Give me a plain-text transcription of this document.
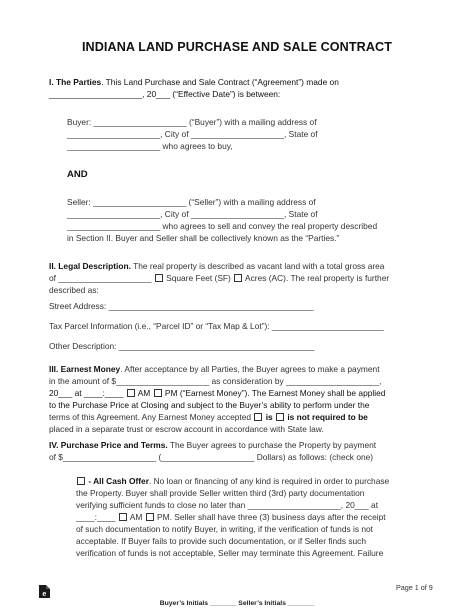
INDIANA LAND PURCHASE AND SALE CONTRACT
I. The Parties. This Land Purchase and Sale Contract (“Agreement”) made on
____________________, 20___ (“Effective Date”) is between:
Buyer: ____________________ (“Buyer”) with a mailing address of
____________________, City of ____________________, State of
____________________ who agrees to buy,
AND
Seller: ____________________ (“Seller”) with a mailing address of
____________________, City of ____________________, State of
____________________ who agrees to sell and convey the real property described
in Section II. Buyer and Seller shall be collectively known as the “Parties.”
II. Legal Description. The real property is described as vacant land with a total gross area
of ____________________  Square Feet (SF)  Acres (AC). The real property is further
described as:
Street Address: ____________________________________________
Tax Parcel Information (i.e., “Parcel ID” or “Tax Map & Lot”): ________________________
Other Description: __________________________________________
III. Earnest Money. After acceptance by all Parties, the Buyer agrees to make a payment
in the amount of $____________________ as consideration by ____________________,
20___ at ____:____  AM  PM (“Earnest Money”). The Earnest Money shall be applied
to the Purchase Price at Closing and subject to the Buyer’s ability to perform under the
terms of this Agreement. Any Earnest Money accepted  is  is not required to be
placed in a separate trust or escrow account in accordance with State law.
IV. Purchase Price and Terms. The Buyer agrees to purchase the Property by payment
of $____________________ (____________________ Dollars) as follows: (check one)
- All Cash Offer. No loan or financing of any kind is required in order to purchase
the Property. Buyer shall provide Seller written third (3rd) party documentation
verifying sufficient funds to close no later than ____________________, 20___ at
____:____  AM  PM. Seller shall have three (3) business days after the receipt
of such documentation to notify Buyer, in writing, if the verification of funds is not
acceptable. If Buyer fails to provide such documentation, or if Seller finds such
verification of funds is not acceptable, Seller may terminate this Agreement. Failure
e
Page 1 of 9
Buyer’s Initials _______ Seller’s Initials _______
